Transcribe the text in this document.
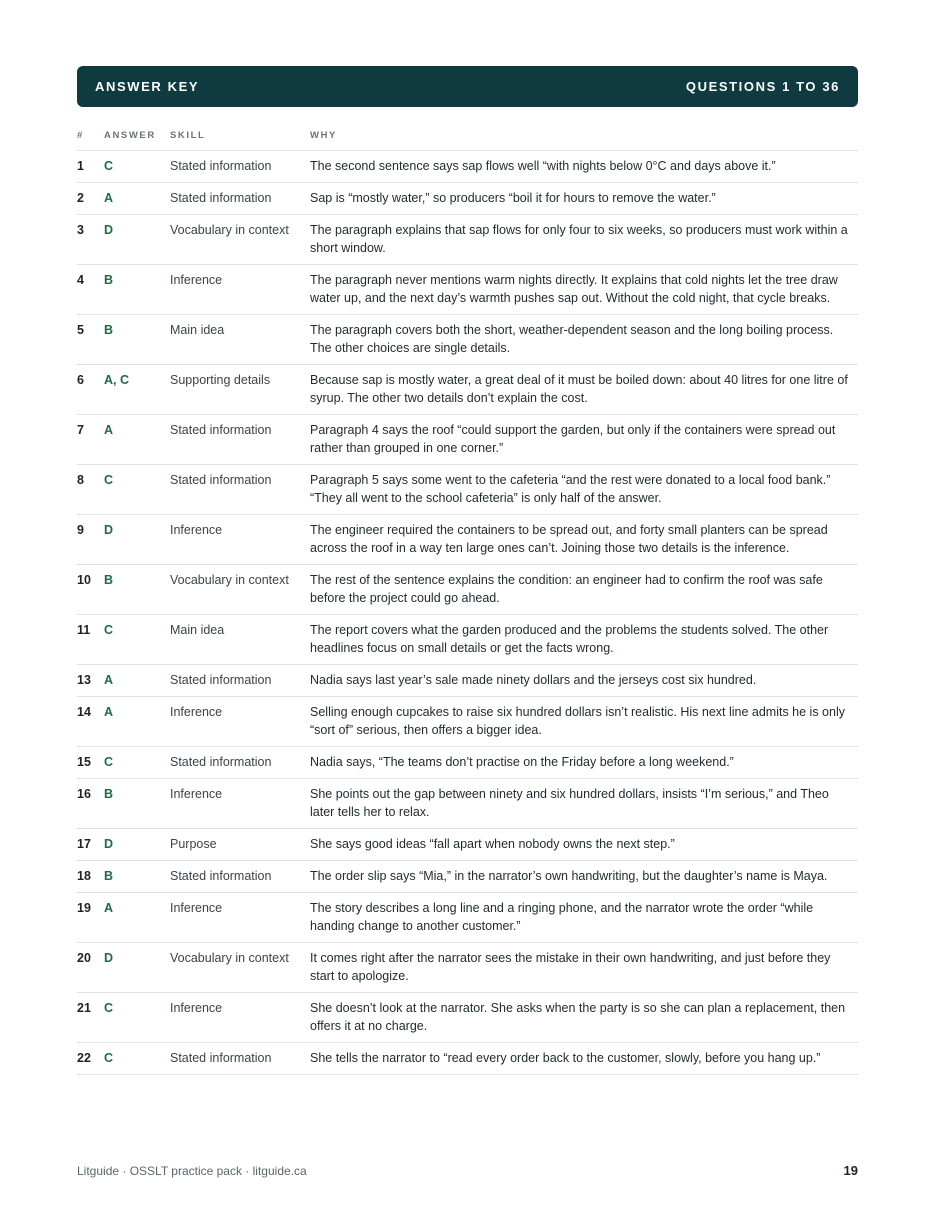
ANSWER KEY	QUESTIONS 1 TO 36
#	ANSWER	SKILL	WHY
1	C	Stated information	The second sentence says sap flows well “with nights below 0°C and days above it.”
2	A	Stated information	Sap is “mostly water,” so producers “boil it for hours to remove the water.”
3	D	Vocabulary in context	The paragraph explains that sap flows for only four to six weeks, so producers must work within a short window.
4	B	Inference	The paragraph never mentions warm nights directly. It explains that cold nights let the tree draw water up, and the next day’s warmth pushes sap out. Without the cold night, that cycle breaks.
5	B	Main idea	The paragraph covers both the short, weather-dependent season and the long boiling process. The other choices are single details.
6	A, C	Supporting details	Because sap is mostly water, a great deal of it must be boiled down: about 40 litres for one litre of syrup. The other two details don’t explain the cost.
7	A	Stated information	Paragraph 4 says the roof “could support the garden, but only if the containers were spread out rather than grouped in one corner.”
8	C	Stated information	Paragraph 5 says some went to the cafeteria “and the rest were donated to a local food bank.” “They all went to the school cafeteria” is only half of the answer.
9	D	Inference	The engineer required the containers to be spread out, and forty small planters can be spread across the roof in a way ten large ones can’t. Joining those two details is the inference.
10	B	Vocabulary in context	The rest of the sentence explains the condition: an engineer had to confirm the roof was safe before the project could go ahead.
11	C	Main idea	The report covers what the garden produced and the problems the students solved. The other headlines focus on small details or get the facts wrong.
13	A	Stated information	Nadia says last year’s sale made ninety dollars and the jerseys cost six hundred.
14	A	Inference	Selling enough cupcakes to raise six hundred dollars isn’t realistic. His next line admits he is only “sort of” serious, then offers a bigger idea.
15	C	Stated information	Nadia says, “The teams don’t practise on the Friday before a long weekend.”
16	B	Inference	She points out the gap between ninety and six hundred dollars, insists “I’m serious,” and Theo later tells her to relax.
17	D	Purpose	She says good ideas “fall apart when nobody owns the next step.”
18	B	Stated information	The order slip says “Mia,” in the narrator’s own handwriting, but the daughter’s name is Maya.
19	A	Inference	The story describes a long line and a ringing phone, and the narrator wrote the order “while handing change to another customer.”
20	D	Vocabulary in context	It comes right after the narrator sees the mistake in their own handwriting, and just before they start to apologize.
21	C	Inference	She doesn’t look at the narrator. She asks when the party is so she can plan a replacement, then offers it at no charge.
22	C	Stated information	She tells the narrator to “read every order back to the customer, slowly, before you hang up.”
Litguide · OSSLT practice pack · litguide.ca	19
